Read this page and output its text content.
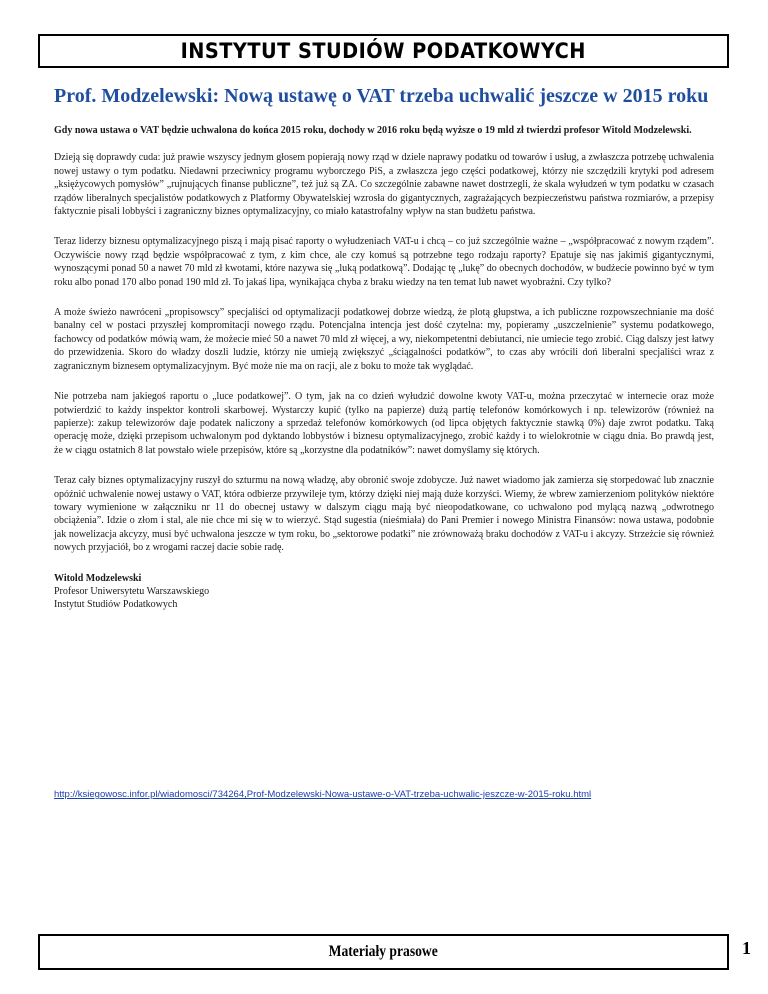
INSTYTUT STUDIÓW PODATKOWYCH
Prof. Modzelewski: Nową ustawę o VAT trzeba uchwalić jeszcze w 2015 roku

Gdy nowa ustawa o VAT będzie uchwalona do końca 2015 roku, dochody w 2016 roku będą wyższe o 19 mld zł twierdzi profesor Witold Modzelewski.

Dzieją się doprawdy cuda: już prawie wszyscy jednym głosem popierają nowy rząd w dziele naprawy podatku od towarów i usług, a zwłaszcza potrzebę uchwalenia nowej ustawy o tym podatku. Niedawni przeciwnicy programu wyborczego PiS, a zwłaszcza jego części podatkowej, którzy nie szczędzili krytyki pod adresem „księżycowych pomysłów” „rujnujących finanse publiczne”, też już są ZA. Co szczególnie zabawne nawet dostrzegli, że skala wyłudzeń w tym podatku w czasach rządów liberalnych specjalistów podatkowych z Platformy Obywatelskiej wzrosła do gigantycznych, zagrażających bezpieczeństwu państwa rozmiarów, a przepisy faktycznie pisali lobbyści i zagraniczny biznes optymalizacyjny, co miało katastrofalny wpływ na stan budżetu państwa.

Teraz liderzy biznesu optymalizacyjnego piszą i mają pisać raporty o wyłudzeniach VAT-u i chcą – co już szczególnie ważne – „współpracować z nowym rządem”. Oczywiście nowy rząd będzie współpracować z tym, z kim chce, ale czy komuś są potrzebne tego rodzaju raporty? Epatuje się nas jakimiś gigantycznymi, wynoszącymi ponad 50 a nawet 70 mld zł kwotami, które nazywa się „luką podatkową”. Dodając tę „lukę” do obecnych dochodów, w budżecie powinno być w tym roku albo ponad 170 albo ponad 190 mld zł. To jakaś lipa, wynikająca chyba z braku wiedzy na ten temat lub nawet wyobraźni. Czy tylko?

A może świeżo nawróceni „propisowscy” specjaliści od optymalizacji podatkowej dobrze wiedzą, że plotą głupstwa, a ich publiczne rozpowszechnianie ma dość banalny cel w postaci przyszłej kompromitacji nowego rządu. Potencjalna intencja jest dość czytelna: my, popieramy „uszczelnienie” systemu podatkowego, fachowcy od podatków mówią wam, że możecie mieć 50 a nawet 70 mld zł więcej, a wy, niekompetentni debiutanci, nie umiecie tego zrobić. Ciąg dalszy jest łatwy do przewidzenia. Skoro do władzy doszli ludzie, którzy nie umieją zwiększyć „ściągalności podatków”, to czas aby wrócili doń liberalni specjaliści wraz z zagranicznym biznesem optymalizacyjnym. Być może nie ma on racji, ale z boku to może tak wyglądać.

Nie potrzeba nam jakiegoś raportu o „luce podatkowej”. O tym, jak na co dzień wyłudzić dowolne kwoty VAT-u, można przeczytać w internecie oraz może potwierdzić to każdy inspektor kontroli skarbowej. Wystarczy kupić (tylko na papierze) dużą partię telefonów komórkowych i np. telewizorów (również na papierze): zakup telewizorów daje podatek naliczony a sprzedaż telefonów komórkowych (od lipca objętych faktycznie stawką 0%) daje zwrot podatku. Taką operację może, dzięki przepisom uchwalonym pod dyktando lobbystów i biznesu optymalizacyjnego, zrobić każdy i to wielokrotnie w ciągu dnia. Bo prawdą jest, że w ciągu ostatnich 8 lat powstało wiele przepisów, które są „korzystne dla podatników”: nawet domyślamy się których.

Teraz cały biznes optymalizacyjny ruszył do szturmu na nową władzę, aby obronić swoje zdobycze. Już nawet wiadomo jak zamierza się storpedować lub znacznie opóźnić uchwalenie nowej ustawy o VAT, która odbierze przywileje tym, którzy dzięki niej mają duże korzyści. Wiemy, że wbrew zamierzeniom polityków niektóre towary wymienione w załączniku nr 11 do obecnej ustawy w dalszym ciągu mają być nieopodatkowane, co uchwalono pod mylącą nazwą „odwrotnego obciążenia”. Idzie o złom i stal, ale nie chce mi się w to wierzyć. Stąd sugestia (nieśmiała) do Pani Premier i nowego Ministra Finansów: nowa ustawa, podobnie jak nowelizacja akcyzy, musi być uchwalona jeszcze w tym roku, bo „sektorowe podatki” nie zrównoważą braku dochodów z VAT-u i akcyzy. Strzeżcie się również nowych przyjaciół, bo z wrogami raczej dacie sobie radę.

Witold Modzelewski
Profesor Uniwersytetu Warszawskiego
Instytut Studiów Podatkowych
http://ksiegowosc.infor.pl/wiadomosci/734264,Prof-Modzelewski-Nowa-ustawe-o-VAT-trzeba-uchwalic-jeszcze-w-2015-roku.html
Materiały prasowe	1
